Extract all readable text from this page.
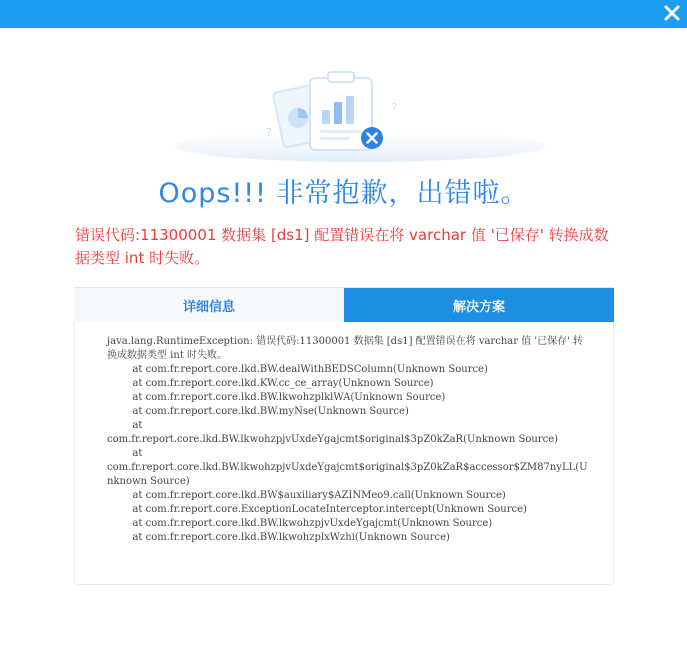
?
?
Oops!!! 非常抱歉，出错啦。
错误代码:11300001 数据集 [ds1] 配置错误在将 varchar 值 '已保存' 转换成数据类型 int 时失败。
详细信息	解决方案
java.lang.RuntimeException: 错误代码:11300001 数据集 [ds1] 配置错误在将 varchar 值 '已保存' 转换成数据类型 int 时失败。
at com.fr.report.core.lkd.BW.dealWithBEDSColumn(Unknown Source)
at com.fr.report.core.lkd.KW.cc_ce_array(Unknown Source)
at com.fr.report.core.lkd.BW.lkwohzplklWA(Unknown Source)
at com.fr.report.core.lkd.BW.myNse(Unknown Source)
at
com.fr.report.core.lkd.BW.lkwohzpjvUxdeYgajcmt$original$3pZ0kZaR(Unknown Source)
at
com.fr.report.core.lkd.BW.lkwohzpjvUxdeYgajcmt$original$3pZ0kZaR$accessor$ZM87nyLL(Unknown Source)
at com.fr.report.core.lkd.BW$auxiliary$AZINMeo9.call(Unknown Source)
at com.fr.report.core.ExceptionLocateInterceptor.intercept(Unknown Source)
at com.fr.report.core.lkd.BW.lkwohzpjvUxdeYgajcmt(Unknown Source)
at com.fr.report.core.lkd.BW.lkwohzplxWzhi(Unknown Source)
